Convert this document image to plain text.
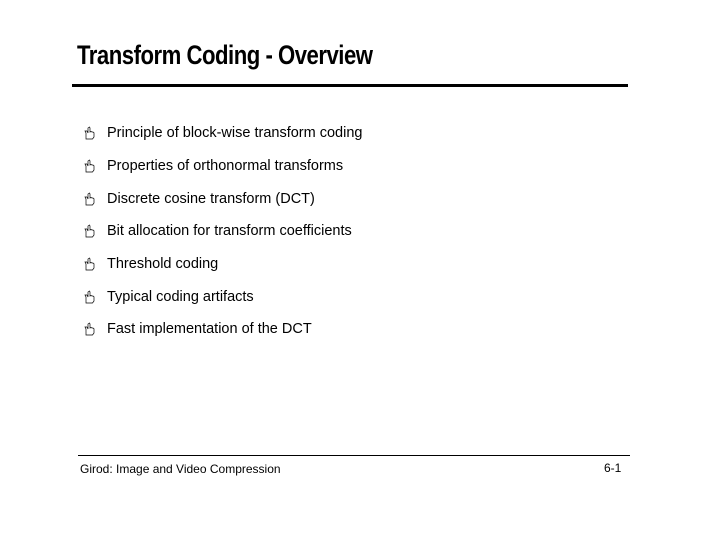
Transform Coding - Overview
Principle of block-wise transform coding
Properties of orthonormal transforms
Discrete cosine transform (DCT)
Bit allocation for transform coefficients
Threshold coding
Typical coding artifacts
Fast implementation of the DCT
Girod: Image and Video Compression	6-1
